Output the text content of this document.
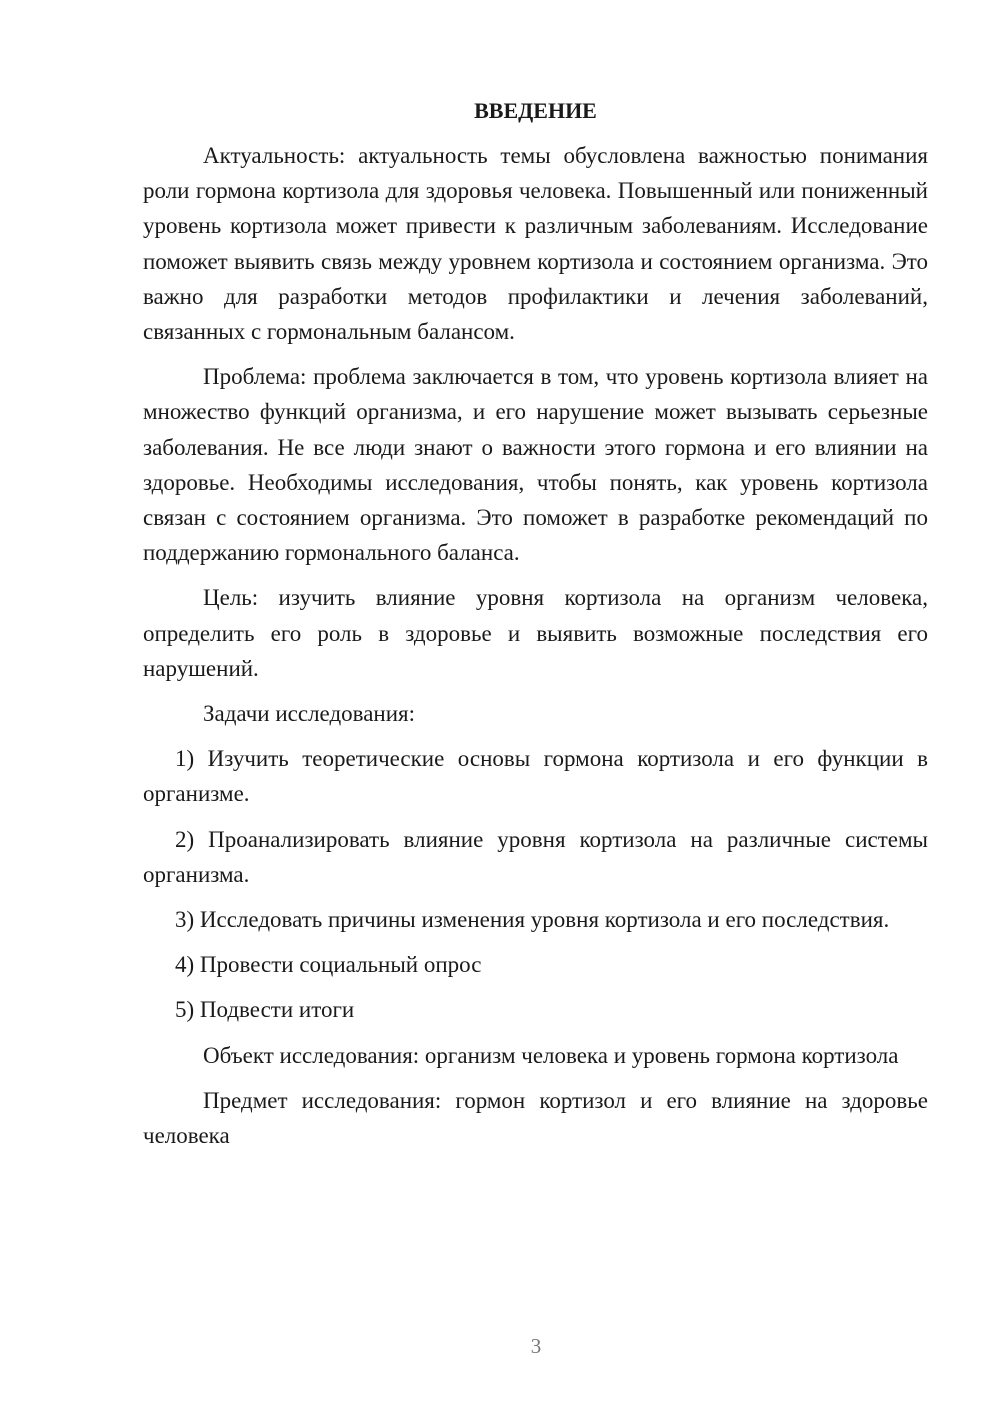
ВВЕДЕНИЕ

Актуальность: актуальность темы обусловлена важностью понимания роли гормона кортизола для здоровья человека. Повышенный или пониженный уровень кортизола может привести к различным заболеваниям. Исследование поможет выявить связь между уровнем кортизола и состоянием организма. Это важно для разработки методов профилактики и лечения заболеваний, связанных с гормональным балансом.

Проблема: проблема заключается в том, что уровень кортизола влияет на множество функций организма, и его нарушение может вызывать серьезные заболевания. Не все люди знают о важности этого гормона и его влиянии на здоровье. Необходимы исследования, чтобы понять, как уровень кортизола связан с состоянием организма. Это поможет в разработке рекомендаций по поддержанию гормонального баланса.

Цель: изучить влияние уровня кортизола на организм человека, определить его роль в здоровье и выявить возможные последствия его нарушений.

Задачи исследования:

1) Изучить теоретические основы гормона кортизола и его функции в организме.

2) Проанализировать влияние уровня кортизола на различные системы организма.

3) Исследовать причины изменения уровня кортизола и его последствия.

4) Провести социальный опрос

5) Подвести итоги

Объект исследования: организм человека и уровень гормона кортизола

Предмет исследования: гормон кортизол и его влияние на здоровье человека

3
